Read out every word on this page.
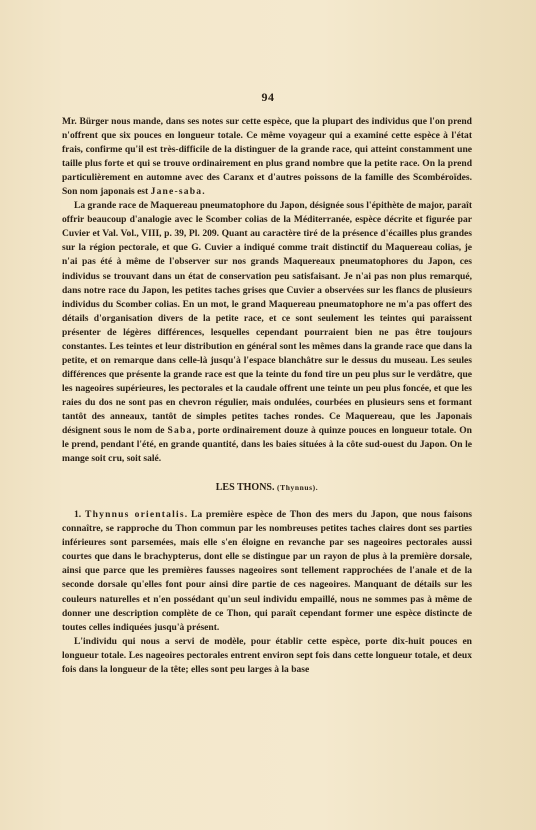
94

Mr. Bürger nous mande, dans ses notes sur cette espèce, que la plupart des individus que l'on prend n'offrent que six pouces en longueur totale. Ce même voyageur qui a examiné cette espèce à l'état frais, confirme qu'il est très-difficile de la distinguer de la grande race, qui atteint constamment une taille plus forte et qui se trouve ordinairement en plus grand nombre que la petite race. On la prend particulièrement en automne avec des Caranx et d'autres poissons de la famille des Scombéroïdes. Son nom japonais est Jane-saba.

La grande race de Maquereau pneumatophore du Japon, désignée sous l'épithète de major, paraît offrir beaucoup d'analogie avec le Scomber colias de la Méditerranée, espèce décrite et figurée par Cuvier et Val. Vol., VIII, p. 39, Pl. 209. Quant au caractère tiré de la présence d'écailles plus grandes sur la région pectorale, et que G. Cuvier a indiqué comme trait distinctif du Maquereau colias, je n'ai pas été à même de l'observer sur nos grands Maquereaux pneumatophores du Japon, ces individus se trouvant dans un état de conservation peu satisfaisant. Je n'ai pas non plus remarqué, dans notre race du Japon, les petites taches grises que Cuvier a observées sur les flancs de plusieurs individus du Scomber colias. En un mot, le grand Maquereau pneumatophore ne m'a pas offert des détails d'organisation divers de la petite race, et ce sont seulement les teintes qui paraissent présenter de légères différences, lesquelles cependant pourraient bien ne pas être toujours constantes. Les teintes et leur distribution en général sont les mêmes dans la grande race que dans la petite, et on remarque dans celle-là jusqu'à l'espace blanchâtre sur le dessus du museau. Les seules différences que présente la grande race est que la teinte du fond tire un peu plus sur le verdâtre, que les nageoires supérieures, les pectorales et la caudale offrent une teinte un peu plus foncée, et que les raies du dos ne sont pas en chevron régulier, mais ondulées, courbées en plusieurs sens et formant tantôt des anneaux, tantôt de simples petites taches rondes. Ce Maquereau, que les Japonais désignent sous le nom de Saba, porte ordinairement douze à quinze pouces en longueur totale. On le prend, pendant l'été, en grande quantité, dans les baies situées à la côte sud-ouest du Japon. On le mange soit cru, soit salé.

LES THONS. (Thynnus).

1. Thynnus orientalis. La première espèce de Thon des mers du Japon, que nous faisons connaître, se rapproche du Thon commun par les nombreuses petites taches claires dont ses parties inférieures sont parsemées, mais elle s'en éloigne en revanche par ses nageoires pectorales aussi courtes que dans le brachypterus, dont elle se distingue par un rayon de plus à la première dorsale, ainsi que parce que les premières fausses nageoires sont tellement rapprochées de l'anale et de la seconde dorsale qu'elles font pour ainsi dire partie de ces nageoires. Manquant de détails sur les couleurs naturelles et n'en possédant qu'un seul individu empaillé, nous ne sommes pas à même de donner une description complète de ce Thon, qui paraît cependant former une espèce distincte de toutes celles indiquées jusqu'à présent.

L'individu qui nous a servi de modèle, pour établir cette espèce, porte dix-huit pouces en longueur totale. Les nageoires pectorales entrent environ sept fois dans cette longueur totale, et deux fois dans la longueur de la tête; elles sont peu larges à la base
